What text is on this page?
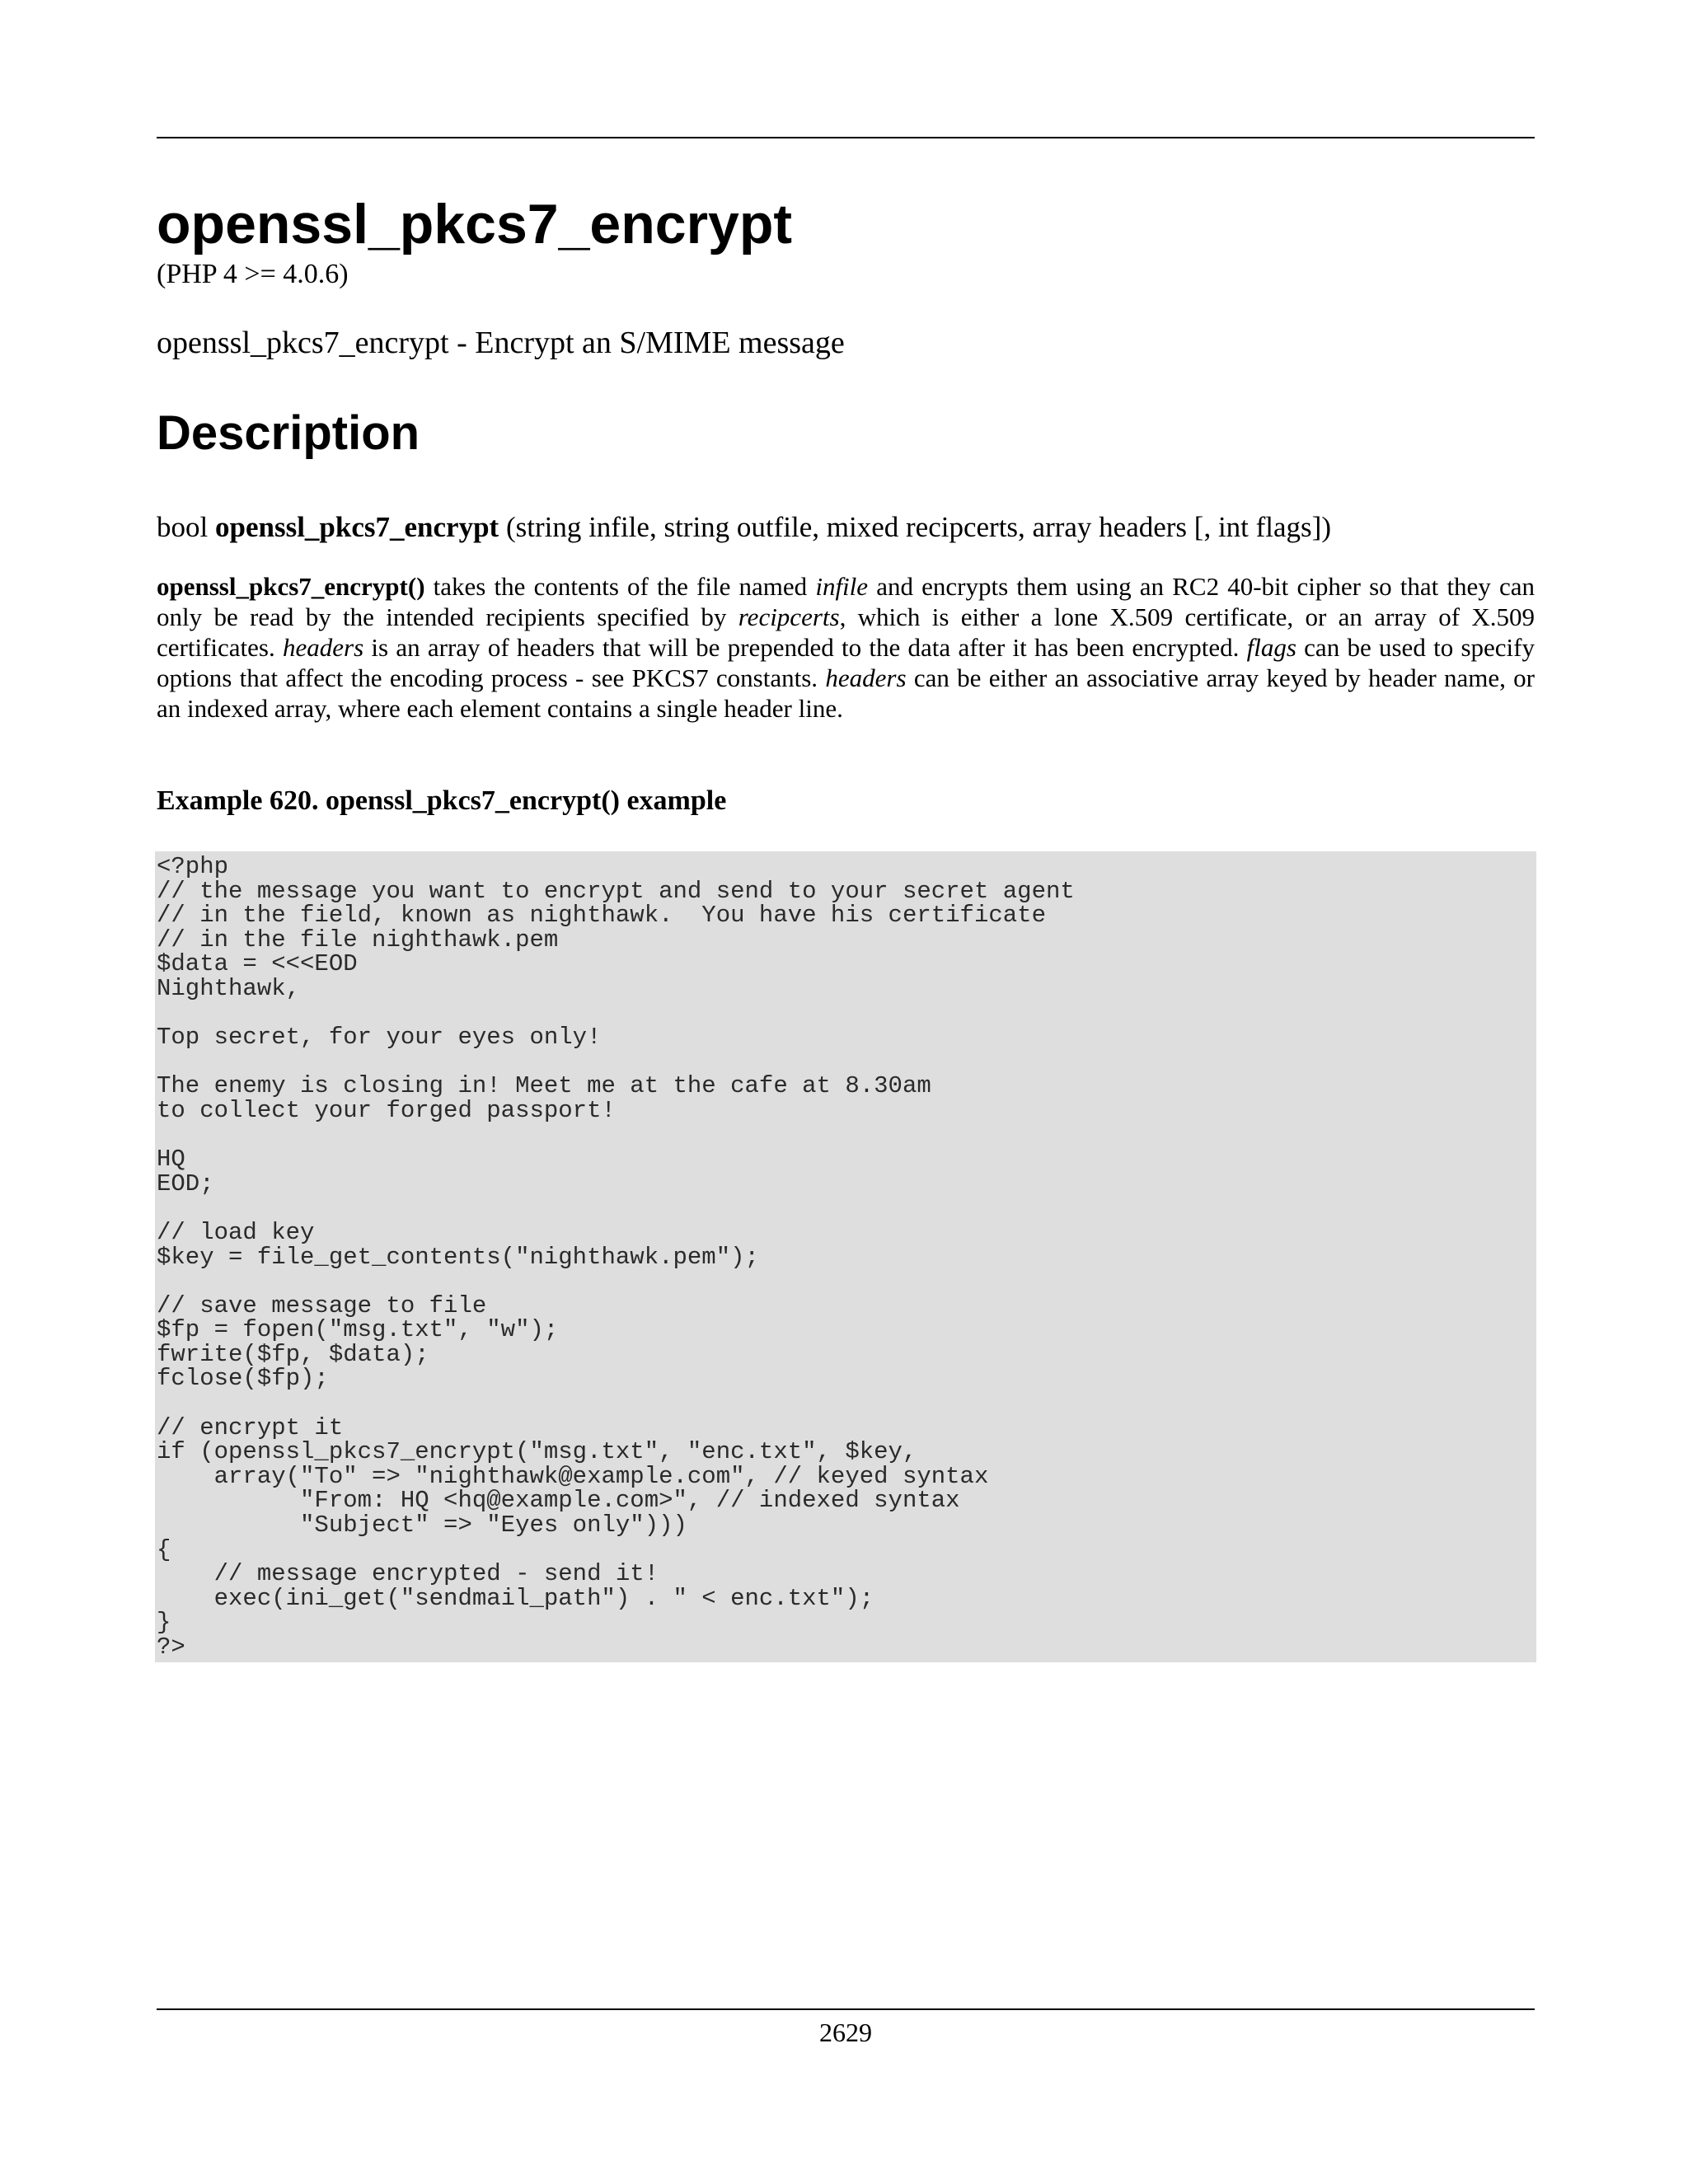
openssl_pkcs7_encrypt
(PHP 4 >= 4.0.6)
openssl_pkcs7_encrypt - Encrypt an S/MIME message
Description
bool openssl_pkcs7_encrypt (string infile, string outfile, mixed recipcerts, array headers [, int flags])

openssl_pkcs7_encrypt() takes the contents of the file named infile and encrypts them using an RC2 40-bit cipher so that they can only be read by the intended recipients specified by recipcerts, which is either a lone X.509 certificate, or an array of X.509 certificates. headers is an array of headers that will be prepended to the data after it has been encrypted. flags can be used to specify options that affect the encoding process - see PKCS7 constants. headers can be either an associative array keyed by header name, or an indexed array, where each element contains a single header line.

Example 620. openssl_pkcs7_encrypt() example
<?php
// the message you want to encrypt and send to your secret agent
// in the field, known as nighthawk.  You have his certificate
// in the file nighthawk.pem
$data = <<<EOD
Nighthawk,

Top secret, for your eyes only!

The enemy is closing in! Meet me at the cafe at 8.30am
to collect your forged passport!

HQ
EOD;

// load key
$key = file_get_contents("nighthawk.pem");

// save message to file
$fp = fopen("msg.txt", "w");
fwrite($fp, $data);
fclose($fp);

// encrypt it
if (openssl_pkcs7_encrypt("msg.txt", "enc.txt", $key,
array("To" => "nighthawk@example.com", // keyed syntax
"From: HQ <hq@example.com>", // indexed syntax
"Subject" => "Eyes only")))
{
// message encrypted - send it!
exec(ini_get("sendmail_path") . " < enc.txt");
}
?>
2629
